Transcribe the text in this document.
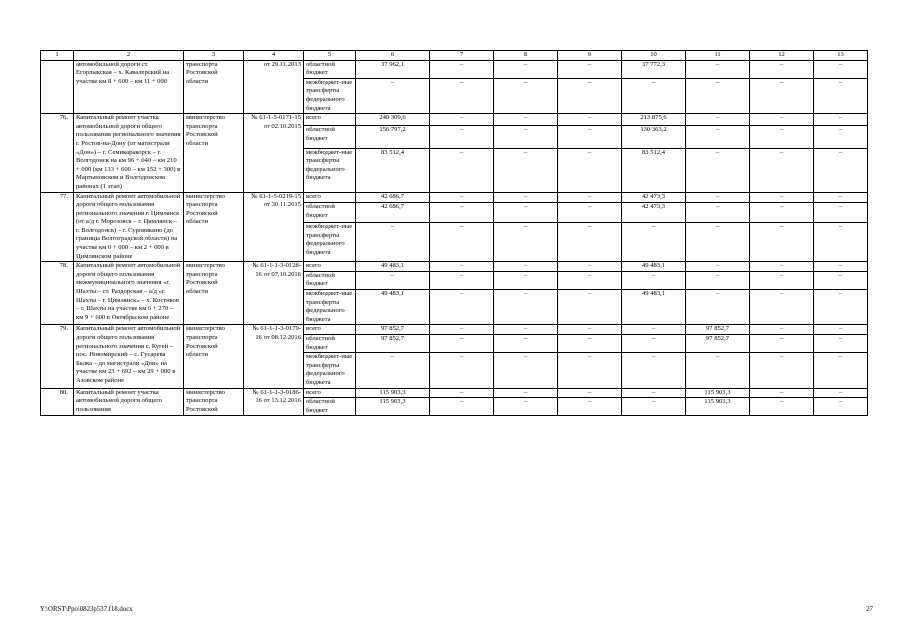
1	2	3	4	5	6	7	8	9	10	11	12	13
	автомобильной дороги ст. Егорлыкская – х. Кавалерский на участке км 8 + 600 – км 11 + 000	транспорта Ростовской области	от 29.11.2013	областной бюджет	37 962,1	–	–	–	37 772,3	–	–	–
				межбюджет-ные трансферты федерального бюджета	–	–	–	–	–	–	–	–
76.	Капитальный ремонт участка автомобильной дороги общего пользования регионального значения г. Ростов-на-Дону (от магистрали «Дон») – г. Семикаракорск – г. Волгодонск на км 96 + 040 – км 210 + 000 (км 133 + 600 – км 152 + 300) в Мартыновском и Волгодонском районах (1 этап)	министерство транспорта Ростовской области	№ 61-1-5-0171-15 от 02.10.2015	всего	240 309,6	–	–	–	213 875,6	–	–	–
				областной бюджет	156 797,2	–	–	–	130 363,2	–	–	–
				межбюджет-ные трансферты федерального бюджета	83 512,4	–	–	–	83 512,4	–	–	–
77.	Капитальный ремонт автомобильной дороги общего пользования регионального значения г. Цимлянск (от а/д г. Морозовск – г. Цимлянск – г. Волгодонск) – г. Суровикино (до границы Волгоградской области) на участке км 0 + 000 – км 2 + 000 в Цимлянском районе	министерство транспорта Ростовской области	№ 61-1-5-0219-15 от 30.11.2015	всего	42 686,7	–	–	–	42 473,3	–	–	–
				областной бюджет	42 686,7	–	–	–	42 473,3	–	–	–
				межбюджет-ные трансферты федерального бюджета	–	–	–	–	–	–	–	–
78.	Капитальный ремонт автомобильной дороги общего пользования межмуниципального значения «г. Шахты – ст. Раздорская – а/д «г. Шахты – г. Цимлянск» – х. Костиков – г. Шахты на участке км 6 + 270 – км 9 + 600 в Октябрьском районе	министерство транспорта Ростовской области	№ 61-1-1-3-0128-16 от 07.10.2016	всего	49 483,1	–	–	–	49 483,1	–	–	–
				областной бюджет	–	–	–	–	–	–	–	–
				межбюджет-ные трансферты федерального бюджета	49 483,1	–	–	–	49 483,1	–	–	–
79.	Капитальный ремонт автомобильной дороги общего пользования регионального значения с. Кугей – пос. Новомирский – с. Гусарева Балка – до магистрали «Дон» на участке км 23 + 692 – км 29 + 000 в Азовском районе	министерство транспорта Ростовской области	№ 61-1-1-3-0179-16 от 08.12.2016	всего	97 852,7	–	–	–	–	97 852,7	–	–
				областной бюджет	97 852,7	–	–	–	–	97 852,7	–	–
				межбюджет-ные трансферты федерального бюджета	–	–	–	–	–	–	–	–
80.	Капитальный ремонт участка автомобильной дороги общего пользования	министерство транспорта Ростовской	№ 61-1-1-3-0186-16 от 13.12.2016	всего	115 903,3	–	–	–	–	115 903,3	–	–
				областной бюджет	115 903,3	–	–	–	–	115 903,3	–	–
Y:\ORST\Ppo\0823p537.f18.docx	27
